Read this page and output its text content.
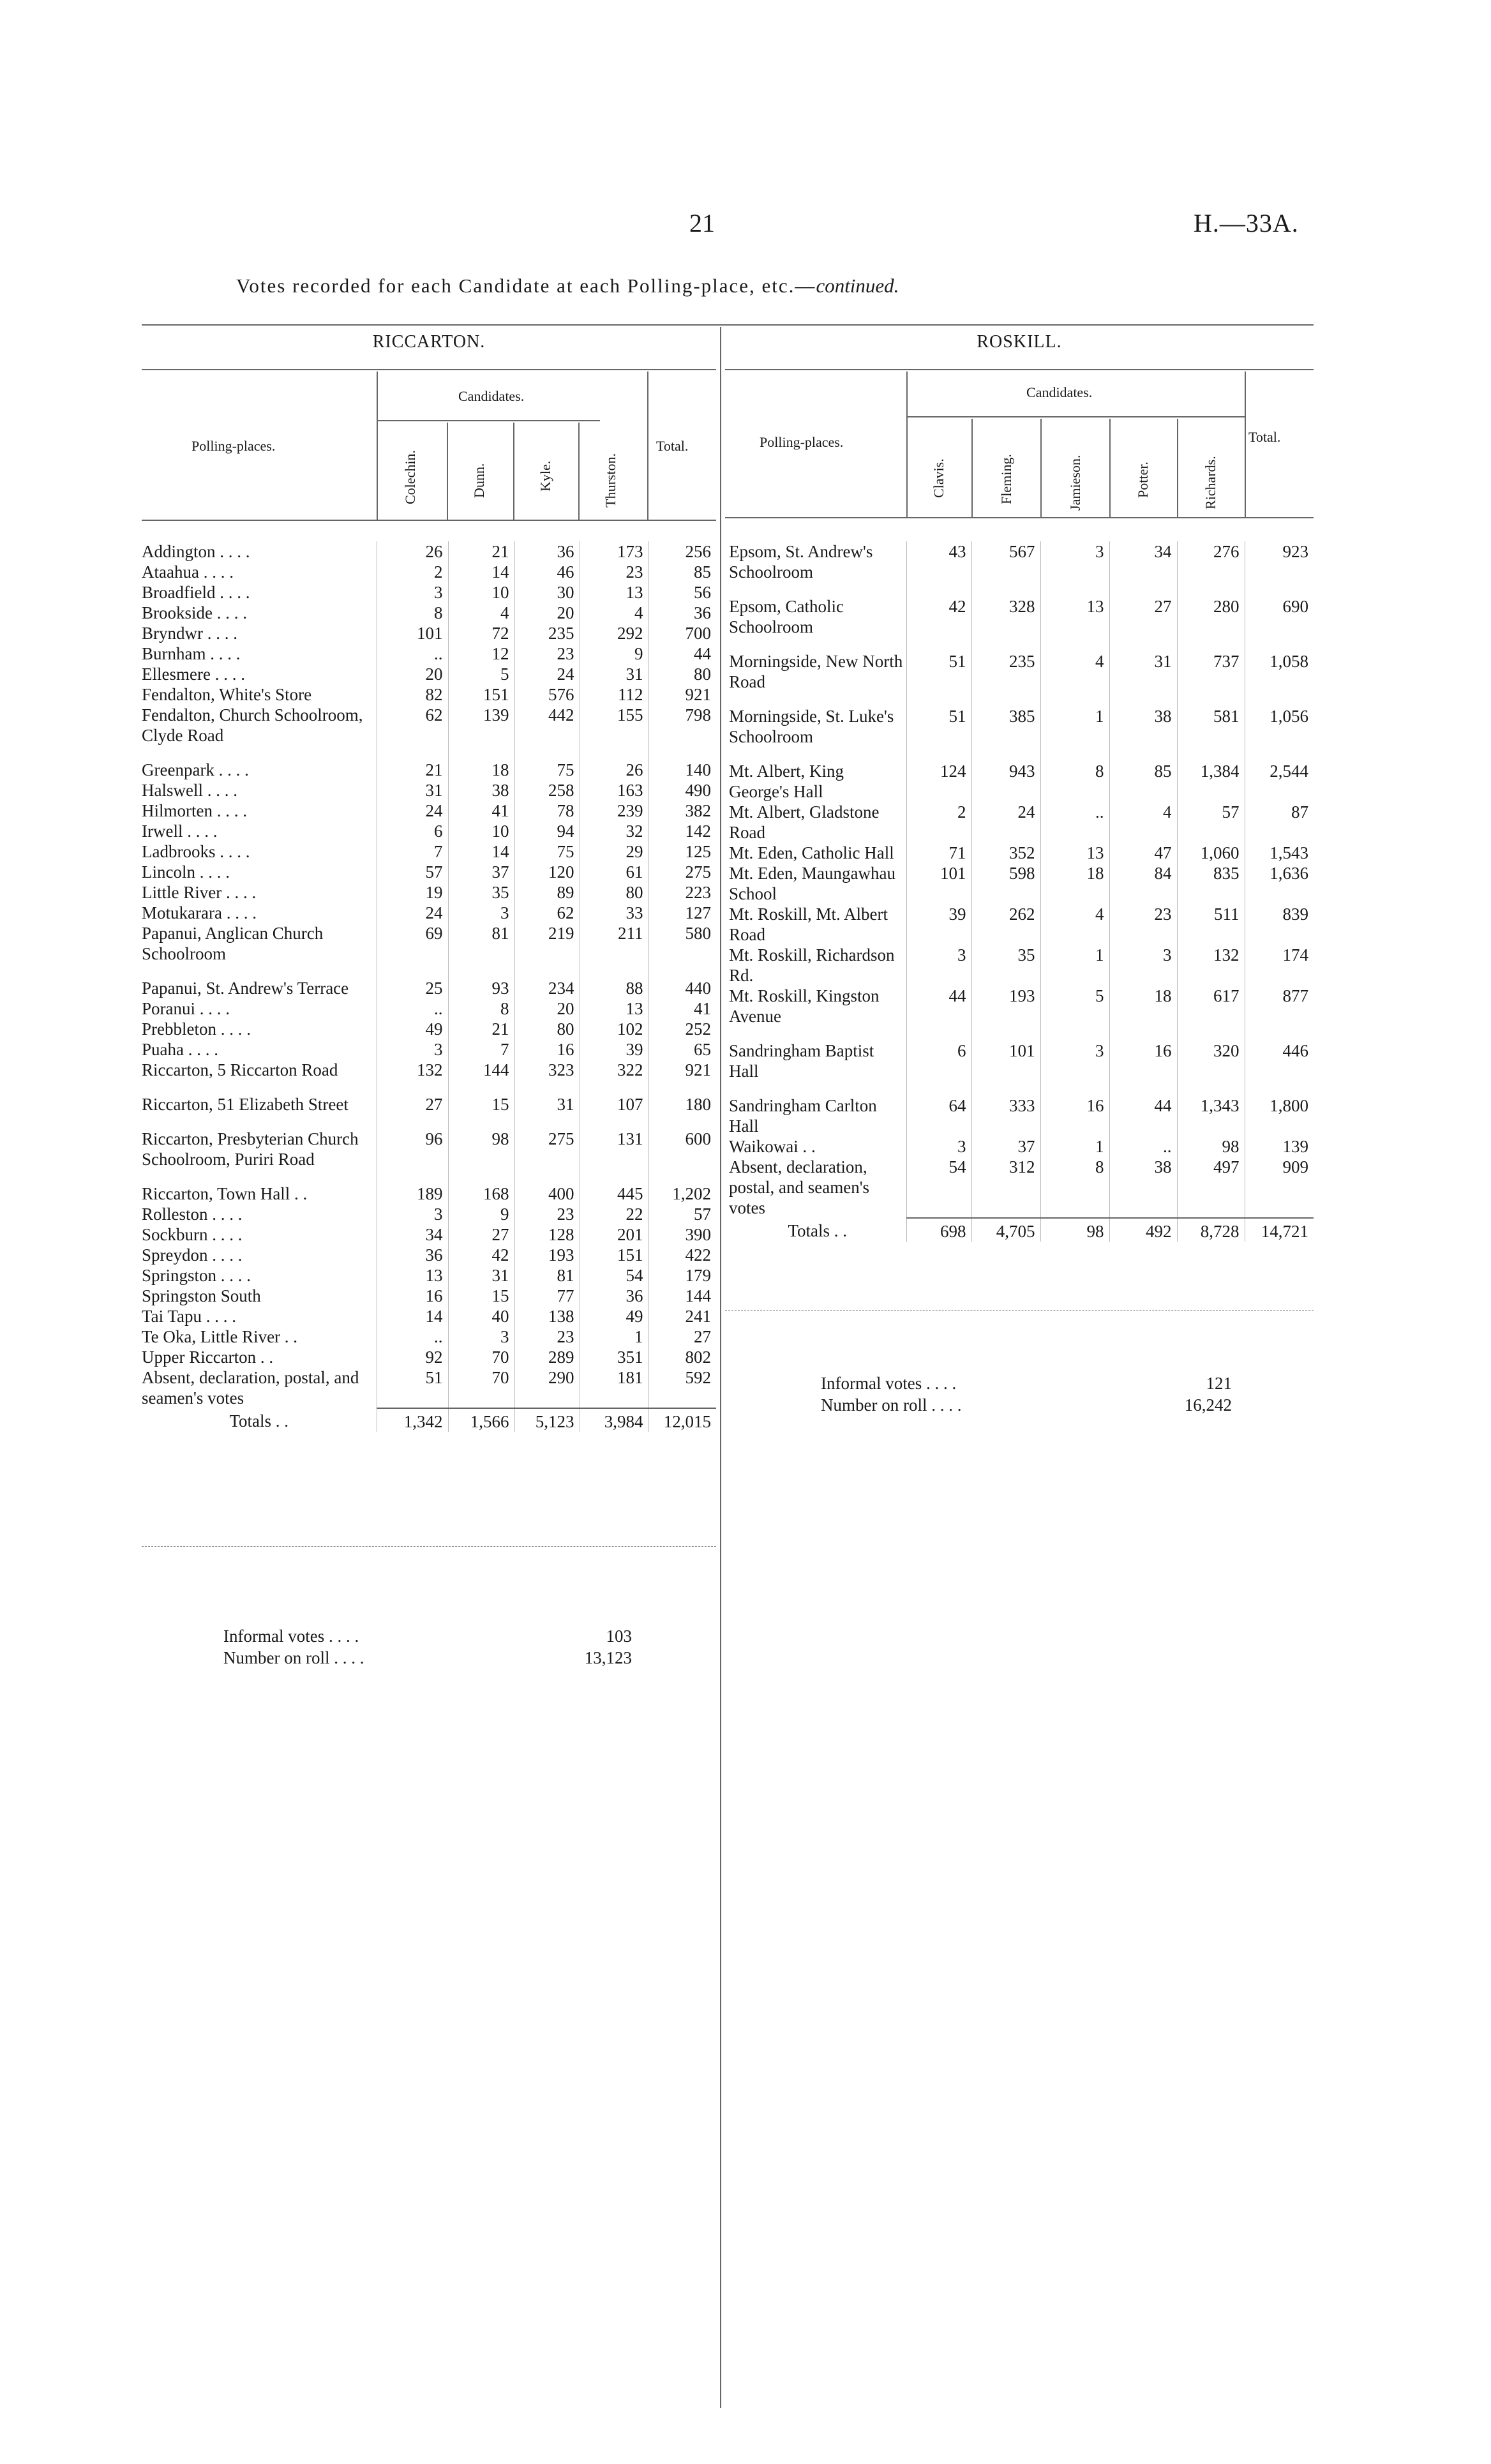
21	H.—33A.
Votes recorded for each Candidate at each Polling-place, etc.—continued.
RICCARTON.
Polling-places.
Candidates.
Total.
Colechin.	Dunn.	Kyle.	Thurston.
Addington . . . .	26	21	36	173	256
Ataahua . . . .	2	14	46	23	85
Broadfield . . . .	3	10	30	13	56
Brookside . . . .	8	4	20	4	36
Bryndwr . . . .	101	72	235	292	700
Burnham . . . .	..	12	23	9	44
Ellesmere . . . .	20	5	24	31	80
Fendalton, White's Store	82	151	576	112	921
Fendalton, Church Schoolroom, Clyde Road	62	139	442	155	798
Greenpark . . . .	21	18	75	26	140
Halswell . . . .	31	38	258	163	490
Hilmorten . . . .	24	41	78	239	382
Irwell . . . .	6	10	94	32	142
Ladbrooks . . . .	7	14	75	29	125
Lincoln . . . .	57	37	120	61	275
Little River . . . .	19	35	89	80	223
Motukarara . . . .	24	3	62	33	127
Papanui, Anglican Church Schoolroom	69	81	219	211	580
Papanui, St. Andrew's Terrace	25	93	234	88	440
Poranui . . . .	..	8	20	13	41
Prebbleton . . . .	49	21	80	102	252
Puaha . . . .	3	7	16	39	65
Riccarton, 5 Riccarton Road	132	144	323	322	921
Riccarton, 51 Elizabeth Street	27	15	31	107	180
Riccarton, Presbyterian Church Schoolroom, Puriri Road	96	98	275	131	600
Riccarton, Town Hall . .	189	168	400	445	1,202
Rolleston . . . .	3	9	23	22	57
Sockburn . . . .	34	27	128	201	390
Spreydon . . . .	36	42	193	151	422
Springston . . . .	13	31	81	54	179
Springston South	16	15	77	36	144
Tai Tapu . . . .	14	40	138	49	241
Te Oka, Little River . .	..	3	23	1	27
Upper Riccarton . .	92	70	289	351	802
Absent, declaration, postal, and seamen's votes	51	70	290	181	592
Totals . .	1,342	1,566	5,123	3,984	12,015
Informal votes . . . .	103
Number on roll . . . .	13,123
ROSKILL.
Polling-places.
Candidates.
Total.
Clavis.	Fleming.	Jamieson.	Potter.	Richards.
Epsom, St. Andrew's Schoolroom	43	567	3	34	276	923
Epsom, Catholic Schoolroom	42	328	13	27	280	690
Morningside, New North Road	51	235	4	31	737	1,058
Morningside, St. Luke's Schoolroom	51	385	1	38	581	1,056
Mt. Albert, King George's Hall	124	943	8	85	1,384	2,544
Mt. Albert, Gladstone Road	2	24	..	4	57	87
Mt. Eden, Catholic Hall	71	352	13	47	1,060	1,543
Mt. Eden, Maungawhau School	101	598	18	84	835	1,636
Mt. Roskill, Mt. Albert Road	39	262	4	23	511	839
Mt. Roskill, Richardson Rd.	3	35	1	3	132	174
Mt. Roskill, Kingston Avenue	44	193	5	18	617	877
Sandringham Baptist Hall	6	101	3	16	320	446
Sandringham Carlton Hall	64	333	16	44	1,343	1,800
Waikowai . .	3	37	1	..	98	139
Absent, declaration, postal, and seamen's votes	54	312	8	38	497	909
Totals . .	698	4,705	98	492	8,728	14,721
Informal votes . . . .	121
Number on roll . . . .	16,242
